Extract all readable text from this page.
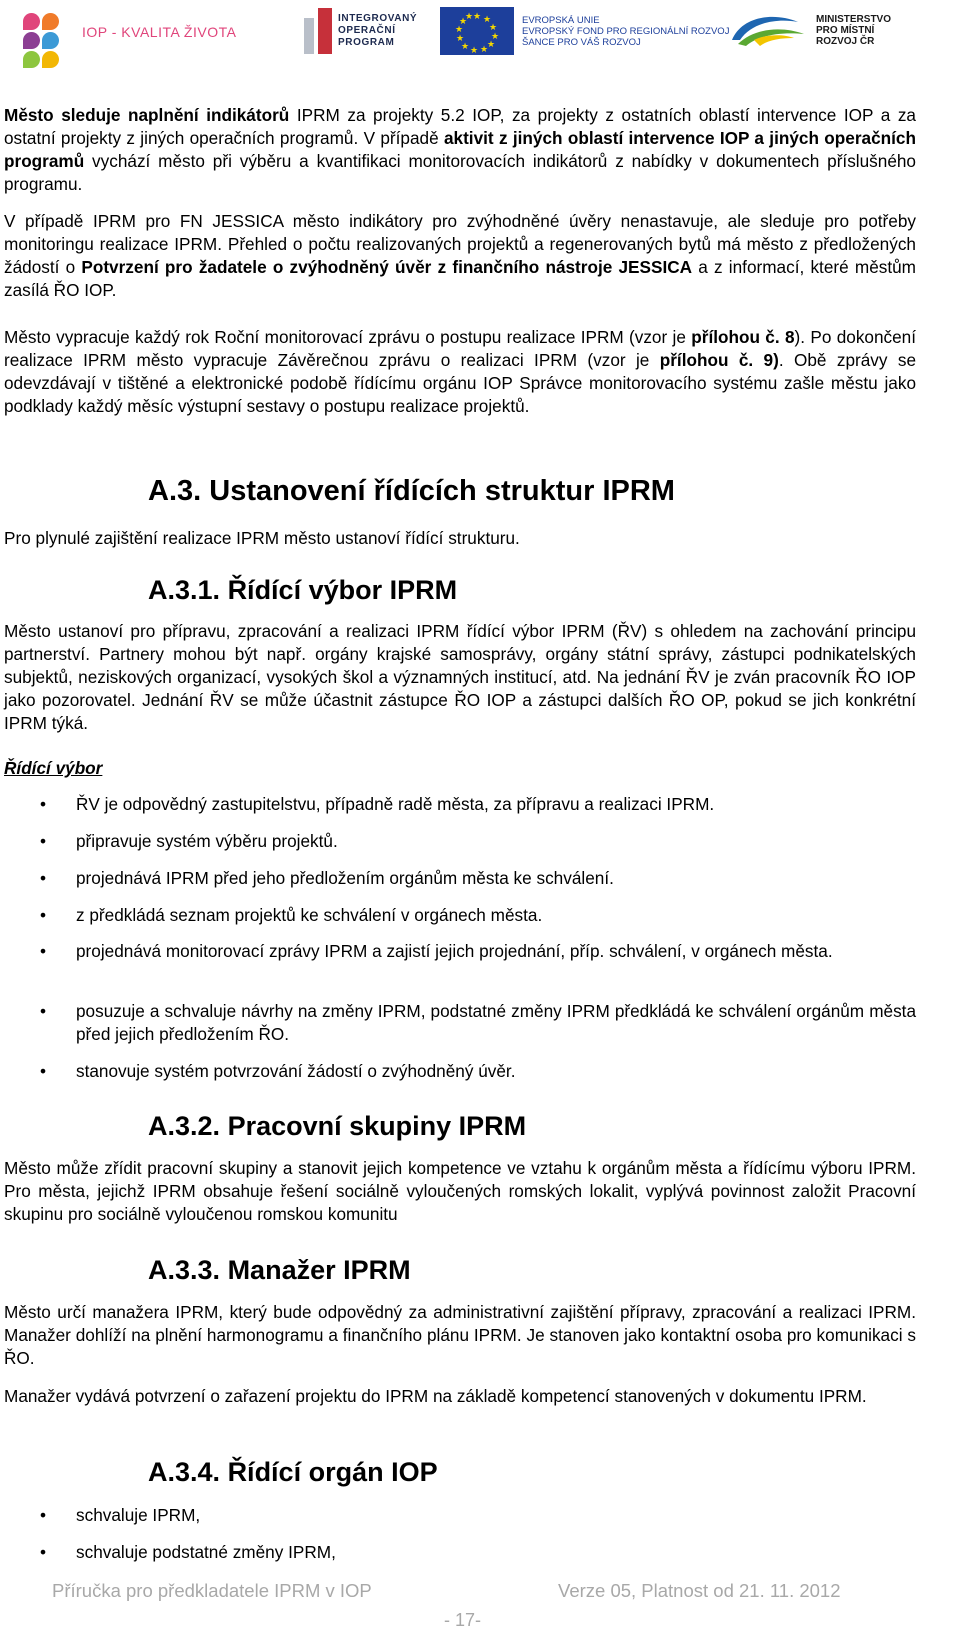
IOP - KVALITA ŽIVOTA
INTEGROVANÝ
OPERAČNÍ
PROGRAM
★ ★
★
★
★
★
★
★
★
★
★
★	EVROPSKÁ UNIE
EVROPSKÝ FOND PRO REGIONÁLNÍ ROZVOJ
ŠANCE PRO VÁŠ ROZVOJ
MINISTERSTVO
PRO MÍSTNÍ
ROZVOJ ČR

Město sleduje naplnění indikátorů IPRM za projekty 5.2 IOP, za projekty z ostatních oblastí intervence IOP a za ostatní projekty z jiných operačních programů. V případě aktivit z jiných oblastí intervence IOP a jiných operačních programů vychází město při výběru a kvantifikaci monitorovacích indikátorů z nabídky v dokumentech příslušného programu.

V případě IPRM pro FN JESSICA město indikátory pro zvýhodněné úvěry nenastavuje, ale sleduje pro potřeby monitoringu realizace IPRM. Přehled o počtu realizovaných projektů a regenerovaných bytů má město z předložených žádostí o Potvrzení pro žadatele o zvýhodněný úvěr z finančního nástroje JESSICA a z informací, které městům zasílá ŘO IOP.

Město vypracuje každý rok Roční monitorovací zprávu o postupu realizace IPRM (vzor je přílohou č. 8). Po dokončení realizace IPRM město vypracuje Závěrečnou zprávu o realizaci IPRM (vzor je přílohou č. 9). Obě zprávy se odevzdávají v tištěné a elektronické podobě řídícímu orgánu IOP Správce monitorovacího systému zašle městu jako podklady každý měsíc výstupní sestavy o postupu realizace projektů.

A.3. Ustanovení řídících struktur IPRM

Pro plynulé zajištění realizace IPRM město ustanoví řídící strukturu.

A.3.1. Řídící výbor IPRM

Město ustanoví pro přípravu, zpracování a realizaci IPRM řídící výbor IPRM (ŘV) s ohledem na zachování principu partnerství. Partnery mohou být např. orgány krajské samosprávy, orgány státní správy, zástupci podnikatelských subjektů, neziskových organizací, vysokých škol a významných institucí, atd. Na jednání ŘV je zván pracovník ŘO IOP jako pozorovatel. Jednání ŘV se může účastnit zástupce ŘO IOP a zástupci dalších ŘO OP, pokud se jich konkrétní IPRM týká.

Řídící výbor
• ŘV je odpovědný zastupitelstvu, případně radě města, za přípravu a realizaci IPRM.
• připravuje systém výběru projektů.
• projednává IPRM před jeho předložením orgánům města ke schválení.
• z předkládá seznam projektů ke schválení v orgánech města.
• projednává monitorovací zprávy IPRM a zajistí jejich projednání, příp. schválení, v orgánech města.
• posuzuje a schvaluje návrhy na změny IPRM, podstatné změny IPRM předkládá ke schválení orgánům města před jejich předložením ŘO.
• stanovuje systém potvrzování žádostí o zvýhodněný úvěr.
A.3.2. Pracovní skupiny IPRM

Město může zřídit pracovní skupiny a stanovit jejich kompetence ve vztahu k orgánům města a řídícímu výboru IPRM. Pro města, jejichž IPRM obsahuje řešení sociálně vyloučených romských lokalit, vyplývá povinnost založit Pracovní skupinu pro sociálně vyloučenou romskou komunitu

A.3.3. Manažer IPRM

Město určí manažera IPRM, který bude odpovědný za administrativní zajištění přípravy, zpracování a realizaci IPRM. Manažer dohlíží na plnění harmonogramu a finančního plánu IPRM. Je stanoven jako kontaktní osoba pro komunikaci s ŘO.

Manažer vydává potvrzení o zařazení projektu do IPRM na základě kompetencí stanovených v dokumentu IPRM.

A.3.4. Řídící orgán IOP
• schvaluje IPRM,
• schvaluje podstatné změny IPRM,
Příručka pro předkladatele IPRM v IOP	Verze 05, Platnost od 21. 11. 2012
- 17-
